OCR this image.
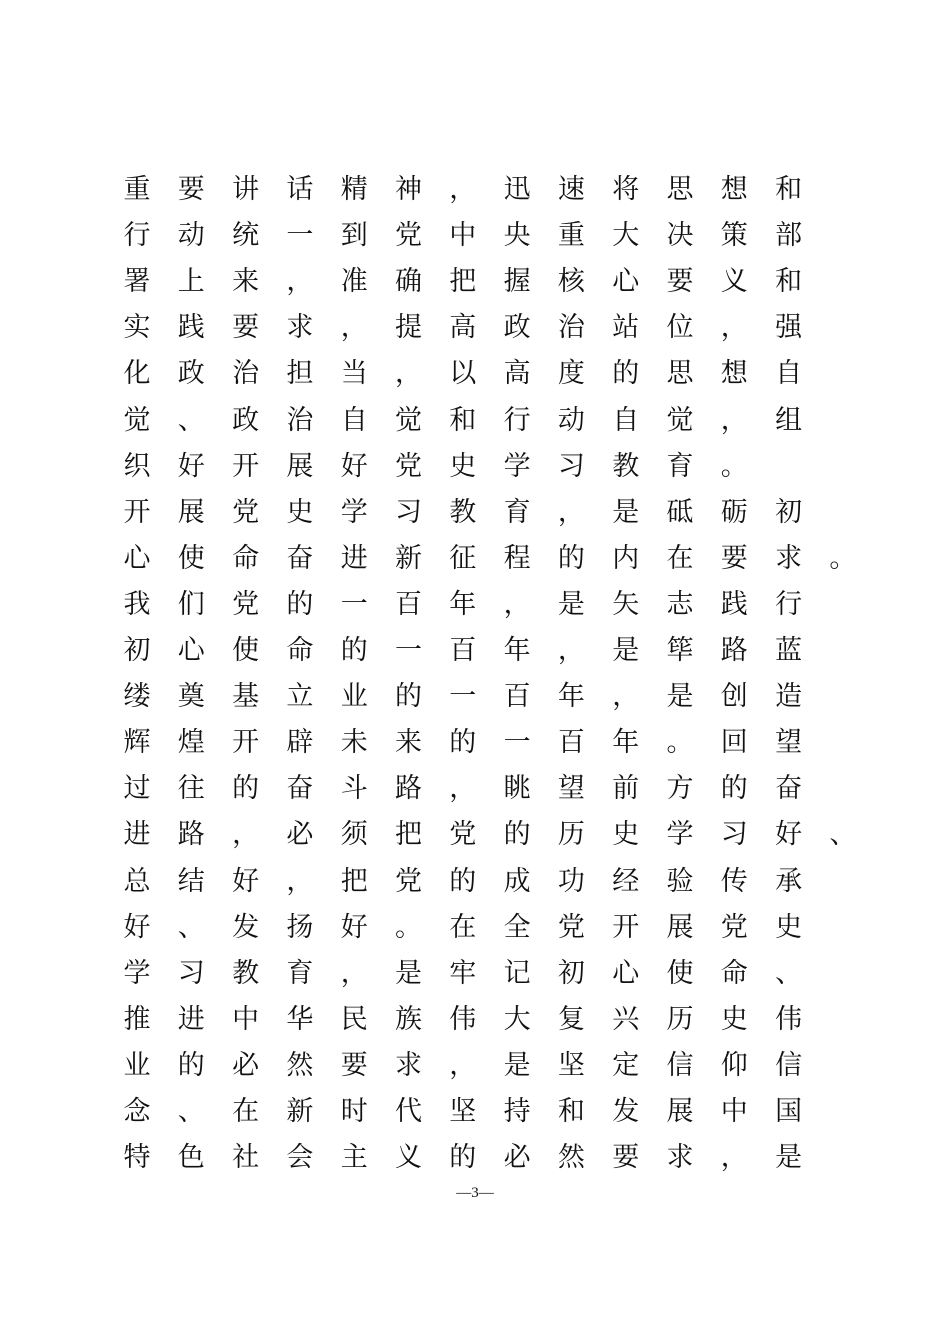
重 要 讲 话 精 神 ， 迅 速 将 思 想 和
行 动 统 一 到 党 中 央 重 大 决 策 部
署 上 来 ， 准 确 把 握 核 心 要 义 和
实 践 要 求 ， 提 高 政 治 站 位 ， 强
化 政 治 担 当 ， 以 高 度 的 思 想 自
觉 、 政 治 自 觉 和 行 动 自 觉 ， 组
织 好 开 展 好 党 史 学 习 教 育 。
开 展 党 史 学 习 教 育 ， 是 砥 砺 初
心 使 命 奋 进 新 征 程 的 内 在 要 求 。
我 们 党 的 一 百 年 ， 是 矢 志 践 行
初 心 使 命 的 一 百 年 ， 是 筚 路 蓝
缕 奠 基 立 业 的 一 百 年 ， 是 创 造
辉 煌 开 辟 未 来 的 一 百 年 。 回 望
过 往 的 奋 斗 路 ， 眺 望 前 方 的 奋
进 路 ， 必 须 把 党 的 历 史 学 习 好 、
总 结 好 ， 把 党 的 成 功 经 验 传 承
好 、 发 扬 好 。 在 全 党 开 展 党 史
学 习 教 育 ， 是 牢 记 初 心 使 命 、
推 进 中 华 民 族 伟 大 复 兴 历 史 伟
业 的 必 然 要 求 ， 是 坚 定 信 仰 信
念 、 在 新 时 代 坚 持 和 发 展 中 国
特 色 社 会 主 义 的 必 然 要 求 ， 是
—3—
